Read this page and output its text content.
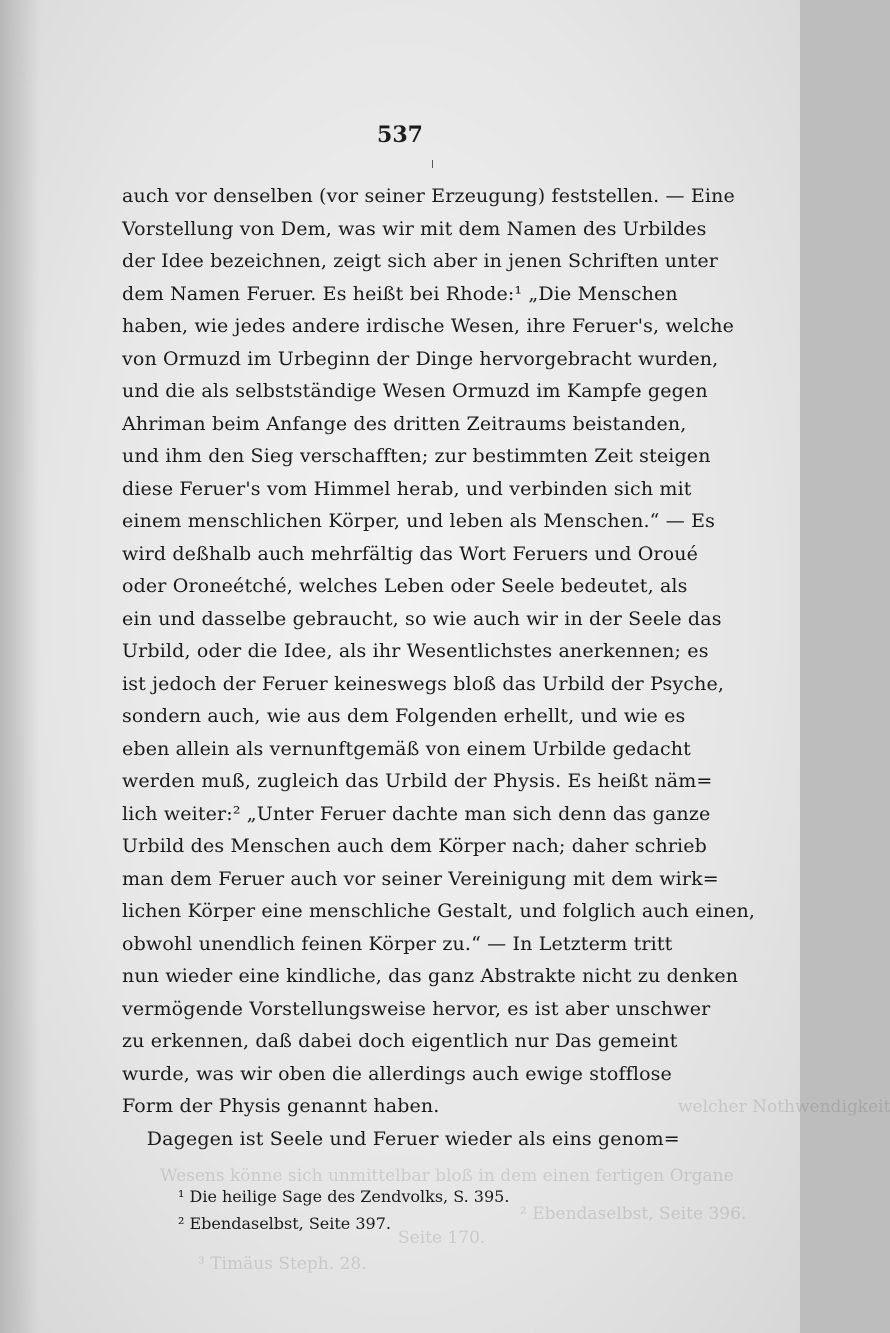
welcher Nothwendigkeit
Wesens könne sich unmittelbar bloß in dem einen fertigen Organe
² Ebendaselbst, Seite 396.
Seite 170.
³ Timäus Steph. 28.
537
auch vor denselben (vor seiner Erzeugung) feststellen. — Eine
Vorstellung von Dem, was wir mit dem Namen des Urbildes
der Idee bezeichnen, zeigt sich aber in jenen Schriften unter
dem Namen Feruer. Es heißt bei Rhode:¹ „Die Menschen
haben, wie jedes andere irdische Wesen, ihre Feruer's, welche
von Ormuzd im Urbeginn der Dinge hervorgebracht wurden,
und die als selbstständige Wesen Ormuzd im Kampfe gegen
Ahriman beim Anfange des dritten Zeitraums beistanden,
und ihm den Sieg verschafften; zur bestimmten Zeit steigen
diese Feruer's vom Himmel herab, und verbinden sich mit
einem menschlichen Körper, und leben als Menschen.“ — Es
wird deßhalb auch mehrfältig das Wort Feruers und Oroué
oder Oroneétché, welches Leben oder Seele bedeutet, als
ein und dasselbe gebraucht, so wie auch wir in der Seele das
Urbild, oder die Idee, als ihr Wesentlichstes anerkennen; es
ist jedoch der Feruer keineswegs bloß das Urbild der Psyche,
sondern auch, wie aus dem Folgenden erhellt, und wie es
eben allein als vernunftgemäß von einem Urbilde gedacht
werden muß, zugleich das Urbild der Physis. Es heißt näm=
lich weiter:² „Unter Feruer dachte man sich denn das ganze
Urbild des Menschen auch dem Körper nach; daher schrieb
man dem Feruer auch vor seiner Vereinigung mit dem wirk=
lichen Körper eine menschliche Gestalt, und folglich auch einen,
obwohl unendlich feinen Körper zu.“ — In Letzterm tritt
nun wieder eine kindliche, das ganz Abstrakte nicht zu denken
vermögende Vorstellungsweise hervor, es ist aber unschwer
zu erkennen, daß dabei doch eigentlich nur Das gemeint
wurde, was wir oben die allerdings auch ewige stofflose
Form der Physis genannt haben.
Dagegen ist Seele und Feruer wieder als eins genom=
¹ Die heilige Sage des Zendvolks, S. 395.
² Ebendaselbst, Seite 397.
